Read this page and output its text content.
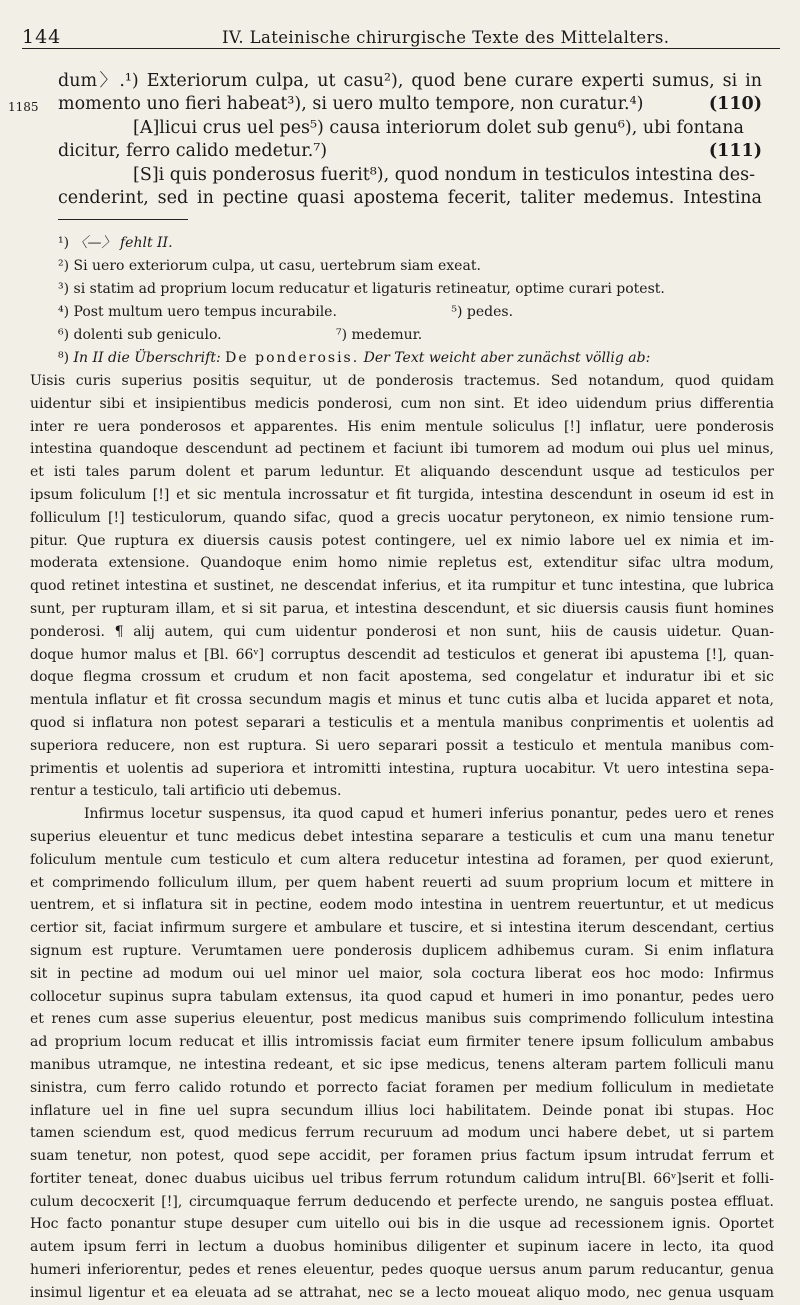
144	IV. Lateinische chirurgische Texte des Mittelalters.
dum〉.¹) Exteriorum culpa, ut casu²), quod bene curare experti sumus, si in
1185 momento uno fieri habeat³), si uero multo tempore, non curatur.⁴)	(110)
[A]licui crus uel pes⁵) causa interiorum dolet sub genu⁶), ubi fontana
dicitur, ferro calido medetur.⁷)	(111)
[S]i quis ponderosus fuerit⁸), quod nondum in testiculos intestina des-
cenderint, sed in pectine quasi apostema fecerit, taliter medemus. Intestina
¹) 〈—〉 fehlt II.
²) Si uero exteriorum culpa, ut casu, uertebrum siam exeat.
³) si statim ad proprium locum reducatur et ligaturis retineatur, optime curari potest.
⁴) Post multum uero tempus incurabile.	⁵) pedes.
⁶) dolenti sub geniculo.	⁷) medemur.
⁸) In II die Überschrift: De ponderosis. Der Text weicht aber zunächst völlig ab:
Uisis curis superius positis sequitur, ut de ponderosis tractemus. Sed notandum, quod quidam
uidentur sibi et insipientibus medicis ponderosi, cum non sint. Et ideo uidendum prius differentia
inter re uera ponderosos et apparentes. His enim mentule soliculus [!] inflatur, uere ponderosis
intestina quandoque descendunt ad pectinem et faciunt ibi tumorem ad modum oui plus uel minus,
et isti tales parum dolent et parum leduntur. Et aliquando descendunt usque ad testiculos per
ipsum foliculum [!] et sic mentula incrossatur et fit turgida, intestina descendunt in oseum id est in
folliculum [!] testiculorum, quando sifac, quod a grecis uocatur perytoneon, ex nimio tensione rum-
pitur. Que ruptura ex diuersis causis potest contingere, uel ex nimio labore uel ex nimia et im-
moderata extensione. Quandoque enim homo nimie repletus est, extenditur sifac ultra modum,
quod retinet intestina et sustinet, ne descendat inferius, et ita rumpitur et tunc intestina, que lubrica
sunt, per rupturam illam, et si sit parua, et intestina descendunt, et sic diuersis causis fiunt homines
ponderosi. ¶ alij autem, qui cum uidentur ponderosi et non sunt, hiis de causis uidetur. Quan-
doque humor malus et [Bl. 66ᵛ] corruptus descendit ad testiculos et generat ibi apustema [!], quan-
doque flegma crossum et crudum et non facit apostema, sed congelatur et induratur ibi et sic
mentula inflatur et fit crossa secundum magis et minus et tunc cutis alba et lucida apparet et nota,
quod si inflatura non potest separari a testiculis et a mentula manibus conprimentis et uolentis ad
superiora reducere, non est ruptura. Si uero separari possit a testiculo et mentula manibus com-
primentis et uolentis ad superiora et intromitti intestina, ruptura uocabitur. Vt uero intestina sepa-
rentur a testiculo, tali artificio uti debemus.
Infirmus locetur suspensus, ita quod capud et humeri inferius ponantur, pedes uero et renes
superius eleuentur et tunc medicus debet intestina separare a testiculis et cum una manu tenetur
foliculum mentule cum testiculo et cum altera reducetur intestina ad foramen, per quod exierunt,
et comprimendo folliculum illum, per quem habent reuerti ad suum proprium locum et mittere in
uentrem, et si inflatura sit in pectine, eodem modo intestina in uentrem reuertuntur, et ut medicus
certior sit, faciat infirmum surgere et ambulare et tuscire, et si intestina iterum descendant, certius
signum est rupture. Verumtamen uere ponderosis duplicem adhibemus curam. Si enim inflatura
sit in pectine ad modum oui uel minor uel maior, sola coctura liberat eos hoc modo: Infirmus
collocetur supinus supra tabulam extensus, ita quod capud et humeri in imo ponantur, pedes uero
et renes cum asse superius eleuentur, post medicus manibus suis comprimendo folliculum intestina
ad proprium locum reducat et illis intromissis faciat eum firmiter tenere ipsum folliculum ambabus
manibus utramque, ne intestina redeant, et sic ipse medicus, tenens alteram partem folliculi manu
sinistra, cum ferro calido rotundo et porrecto faciat foramen per medium folliculum in medietate
inflature uel in fine uel supra secundum illius loci habilitatem. Deinde ponat ibi stupas. Hoc
tamen sciendum est, quod medicus ferrum recuruum ad modum unci habere debet, ut si partem
suam tenetur, non potest, quod sepe accidit, per foramen prius factum ipsum intrudat ferrum et
fortiter teneat, donec duabus uicibus uel tribus ferrum rotundum calidum intru[Bl. 66ᵛ]serit et folli-
culum decocxerit [!], circumquaque ferrum deducendo et perfecte urendo, ne sanguis postea effluat.
Hoc facto ponantur stupe desuper cum uitello oui bis in die usque ad recessionem ignis. Oportet
autem ipsum ferri in lectum a duobus hominibus diligenter et supinum iacere in lecto, ita quod
humeri inferiorentur, pedes et renes eleuentur, pedes quoque uersus anum parum reducantur, genua
insimul ligentur et ea eleuata ad se attrahat, nec se a lecto moueat aliquo modo, nec genua usquam
